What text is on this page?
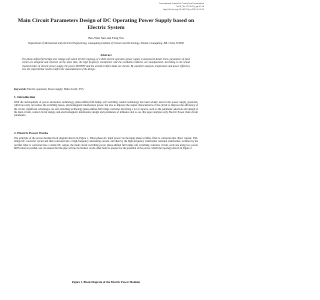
International Journal of Control and Automation
Vol.8, No.12 (2015), pp.47-58
http://dx.doi.org/10.14257/ijca.2015.8.12.05
Main Circuit Parameters Design of DC Operating Power Supply based on Electric System
Bao Wen Sun and Feng Wu
Department of Mechanical and electrical Engineering, Guangdong Institute of Science and Technology, Zhuhai, Guangdong, P.R. China 519090
Abstract

The phase-shifted full bridge zero voltage soft switch DC/DC topology of 2.2KW electric operation power supply is analyzed in detail. Then, parameters of main circuit are designed and selected. At the same time, the high frequency transformer and the oscillation inductor are manufactured. According to the actual characteristics of electric power supply, the power MOSFET and the second rectifier diode are chosen. By waveform analysis, temperature and power efficiency test, the experimental results confirm the reasonableness of the design.

Keywords: Electric operation; Power supply; Main circuit; ZVS
1. Introduction

With the development of power electronics technology, phase-shifted full-bridge soft switching control technology has been widely used in the power supply operation, which not only can reduce the switching losses, electromagnetic interference power, but also to improve the output characteristics of the circuit to improve the efficiency of the circuit, significant advantages. As soft-switching technology phase-shifted full bridge converter involving a lot of aspects, such as the parameter selection and design of the main circuit, control circuit design, anti-electromagnetic interference design and parameters of influence and so on, this paper analyzes only Electric Power main circuit parameters.

2. Electric Power Works

The principle of the power module block diagram shown in Figure 1. Three-phase AC input power via the input phase rectifier, filter is converted into direct current. Full-bridge DC converter circuit and then converted into a high-frequency alternating current, and then by the high-frequency transformer isolation transformer, rectified by the rectifier filter is converted into a stable DC output, the main circuit switching power phase-shifted full bridge soft switching converter circuit, each one using two power MOS tubes in parallel, use can ensure that the pipe will not be burned, on the other hand to prepare for the potential of the power, which the topology shown in Figure 2.

Figure 1. Block Diagram of the Electric Power Modules
